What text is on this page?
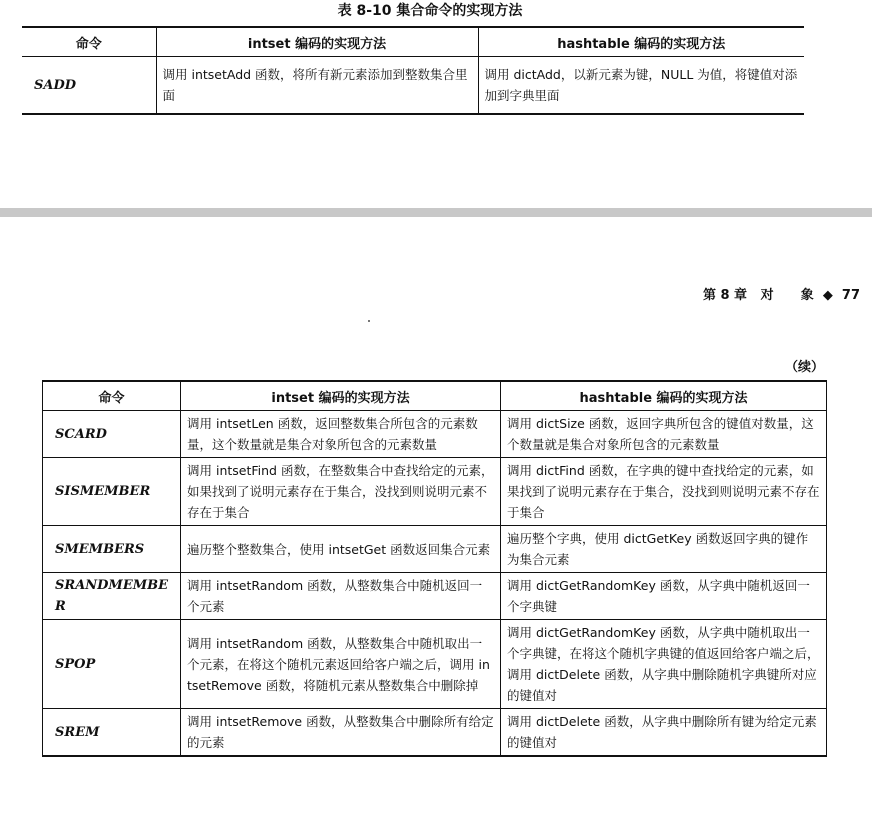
表 8-10 集合命令的实现方法
命令	intset 编码的实现方法	hashtable 编码的实现方法
SADD	调用 intsetAdd 函数，将所有新元素添加到整数集合里面	调用 dictAdd，以新元素为键，NULL 为值，将键值对添加到字典里面
第 8 章   对      象 ◆ 77
（续）
命令	intset 编码的实现方法	hashtable 编码的实现方法
SCARD	调用 intsetLen 函数，返回整数集合所包含的元素数量，这个数量就是集合对象所包含的元素数量	调用 dictSize 函数，返回字典所包含的键值对数量，这个数量就是集合对象所包含的元素数量
SISMEMBER	调用 intsetFind 函数，在整数集合中查找给定的元素，如果找到了说明元素存在于集合，没找到则说明元素不存在于集合	调用 dictFind 函数，在字典的键中查找给定的元素，如果找到了说明元素存在于集合，没找到则说明元素不存在于集合
SMEMBERS	遍历整个整数集合，使用 intsetGet 函数返回集合元素	遍历整个字典，使用 dictGetKey 函数返回字典的键作为集合元素
SRANDMEMBER	调用 intsetRandom 函数，从整数集合中随机返回一个元素	调用 dictGetRandomKey 函数，从字典中随机返回一个字典键
SPOP	调用 intsetRandom 函数，从整数集合中随机取出一个元素，在将这个随机元素返回给客户端之后，调用 intsetRemove 函数，将随机元素从整数集合中删除掉	调用 dictGetRandomKey 函数，从字典中随机取出一个字典键，在将这个随机字典键的值返回给客户端之后，调用 dictDelete 函数，从字典中删除随机字典键所对应的键值对
SREM	调用 intsetRemove 函数，从整数集合中删除所有给定的元素	调用 dictDelete 函数，从字典中删除所有键为给定元素的键值对
